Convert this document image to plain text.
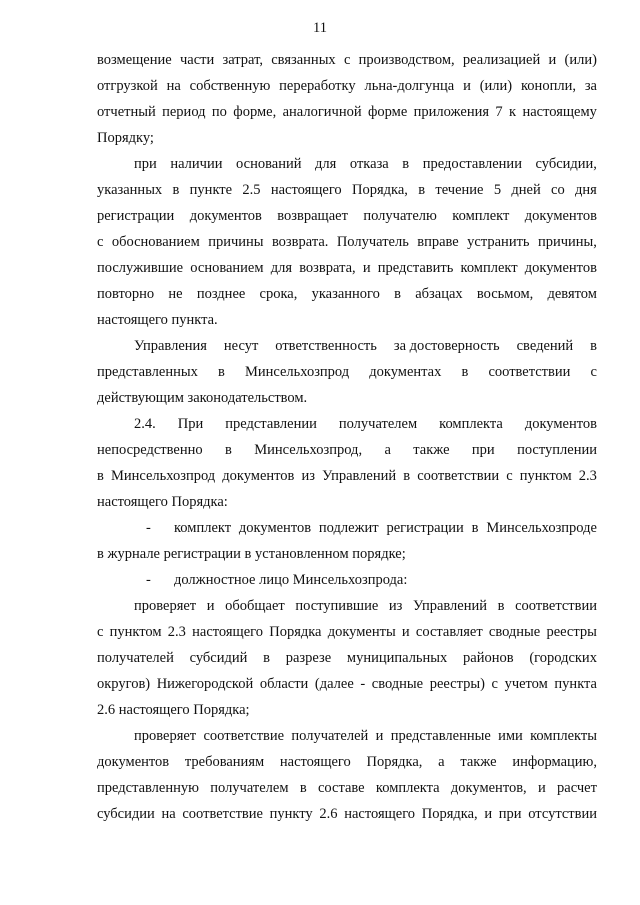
11
возмещение части затрат, связанных с производством, реализацией и (или)
отгрузкой на собственную переработку льна-долгунца и (или) конопли, за
отчетный период по форме, аналогичной форме приложения 7 к настоящему
Порядку;
при наличии оснований для отказа в предоставлении субсидии,
указанных в пункте 2.5 настоящего Порядка, в течение 5 дней со дня
регистрации документов возвращает получателю комплект документов
с обоснованием причины возврата. Получатель вправе устранить причины,
послужившие основанием для возврата, и представить комплект документов
повторно не позднее срока, указанного в абзацах восьмом, девятом
настоящего пункта.
Управления несут ответственность за достоверность сведений в
представленных в Минсельхозпрод документах в соответствии с
действующим законодательством.
2.4. При представлении получателем комплекта документов
непосредственно в Минсельхозпрод, а также при поступлении
в Минсельхозпрод документов из Управлений в соответствии с пунктом 2.3
настоящего Порядка:
- комплект документов подлежит регистрации в Минсельхозпроде
в журнале регистрации в установленном порядке;
- должностное лицо Минсельхозпрода:
проверяет и обобщает поступившие из Управлений в соответствии
с пунктом 2.3 настоящего Порядка документы и составляет сводные реестры
получателей субсидий в разрезе муниципальных районов (городских
округов) Нижегородской области (далее - сводные реестры) с учетом пункта
2.6 настоящего Порядка;
проверяет соответствие получателей и представленные ими комплекты
документов требованиям настоящего Порядка, а также информацию,
представленную получателем в составе комплекта документов, и расчет
субсидии на соответствие пункту 2.6 настоящего Порядка, и при отсутствии
